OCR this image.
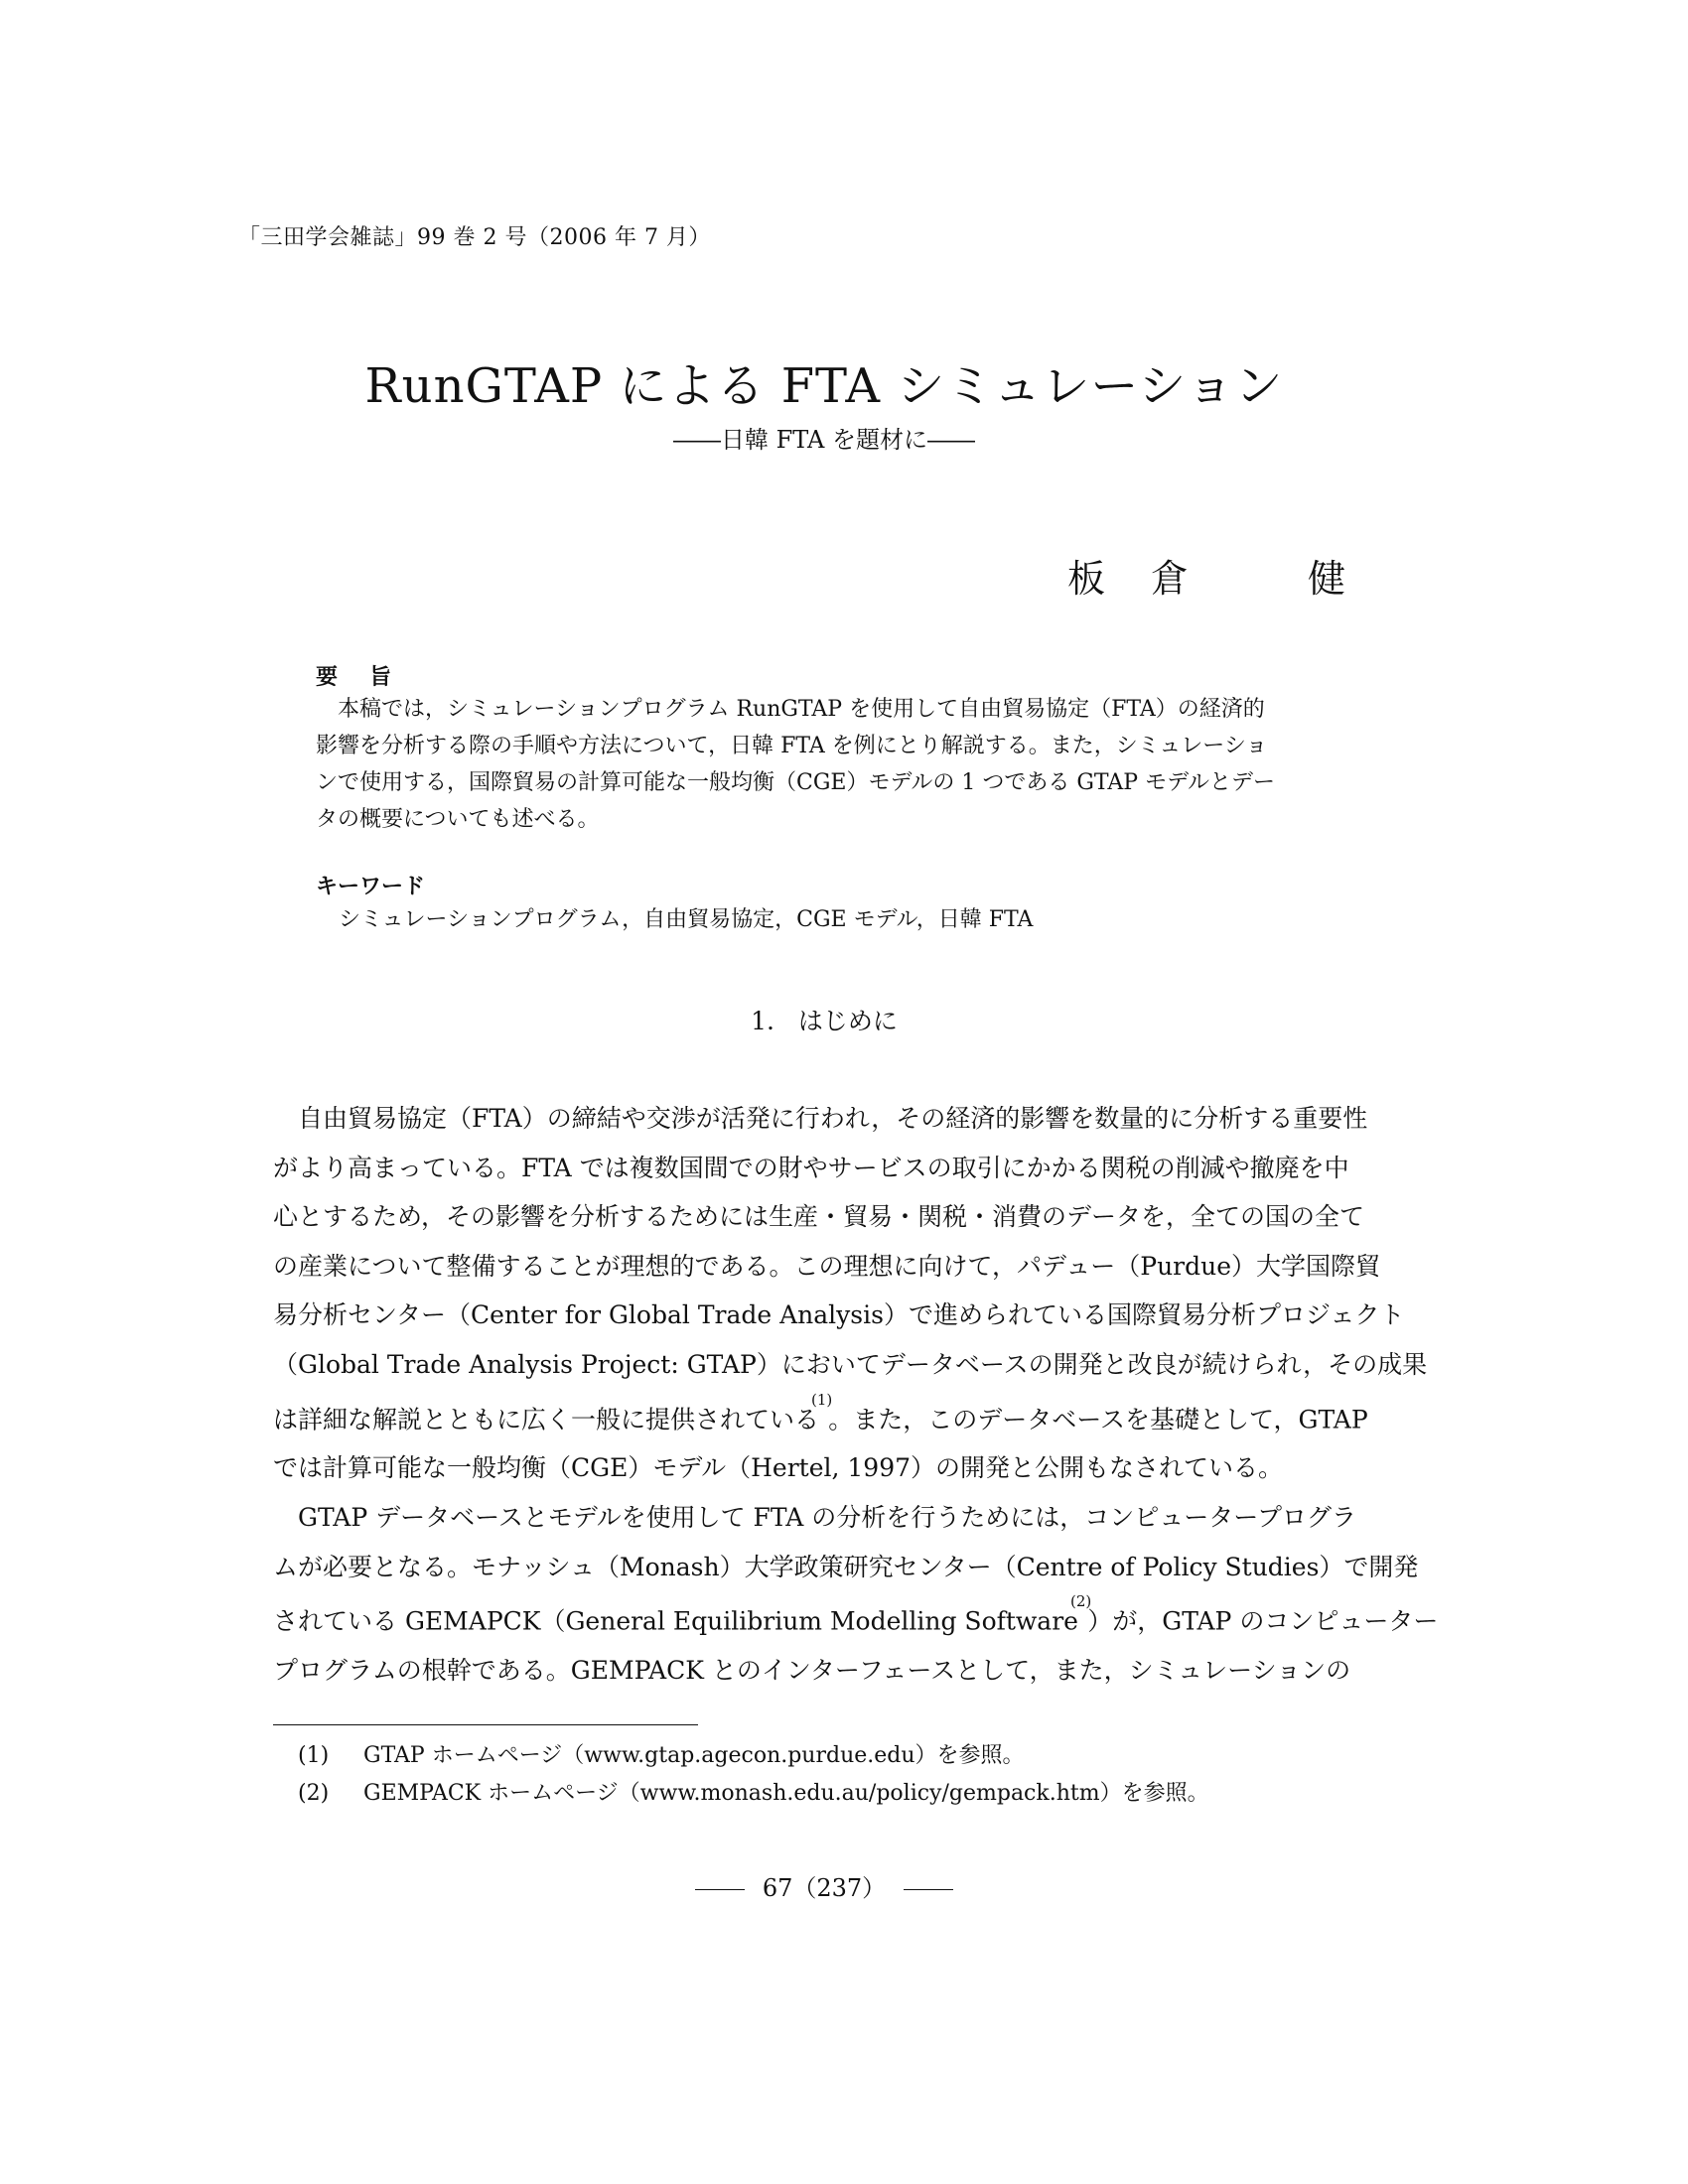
「三田学会雑誌」99 巻 2 号（2006 年 7 月）
RunGTAP による FTA シミュレーション
――日韓 FTA を題材に――
板 倉	健
要旨
本稿では，シミュレーションプログラム RunGTAP を使用して自由貿易協定（FTA）の経済的
影響を分析する際の手順や方法について，日韓 FTA を例にとり解説する。また，シミュレーショ
ンで使用する，国際貿易の計算可能な一般均衡（CGE）モデルの 1 つである GTAP モデルとデー
タの概要についても述べる。
キーワード
シミュレーションプログラム，自由貿易協定，CGE モデル，日韓 FTA
1. はじめに
自由貿易協定（FTA）の締結や交渉が活発に行われ，その経済的影響を数量的に分析する重要性
がより高まっている。FTA では複数国間での財やサービスの取引にかかる関税の削減や撤廃を中
心とするため，その影響を分析するためには生産・貿易・関税・消費のデータを，全ての国の全て
の産業について整備することが理想的である。この理想に向けて，パデュー（Purdue）大学国際貿
易分析センター（Center for Global Trade Analysis）で進められている国際貿易分析プロジェクト
（Global Trade Analysis Project: GTAP）においてデータベースの開発と改良が続けられ，その成果
は詳細な解説とともに広く一般に提供されている$^{(1)}$。また，このデータベースを基礎として，GTAP
では計算可能な一般均衡（CGE）モデル（Hertel, 1997）の開発と公開もなされている。
GTAP データベースとモデルを使用して FTA の分析を行うためには，コンピュータープログラ
ムが必要となる。モナッシュ（Monash）大学政策研究センター（Centre of Policy Studies）で開発
されている GEMAPCK（General Equilibrium Modelling Software$^{(2)}$）が，GTAP のコンピューター
プログラムの根幹である。GEMPACK とのインターフェースとして，また，シミュレーションの
(1) GTAP ホームページ（www.gtap.agecon.purdue.edu）を参照。
(2) GEMPACK ホームページ（www.monash.edu.au/policy/gempack.htm）を参照。
67（237）
